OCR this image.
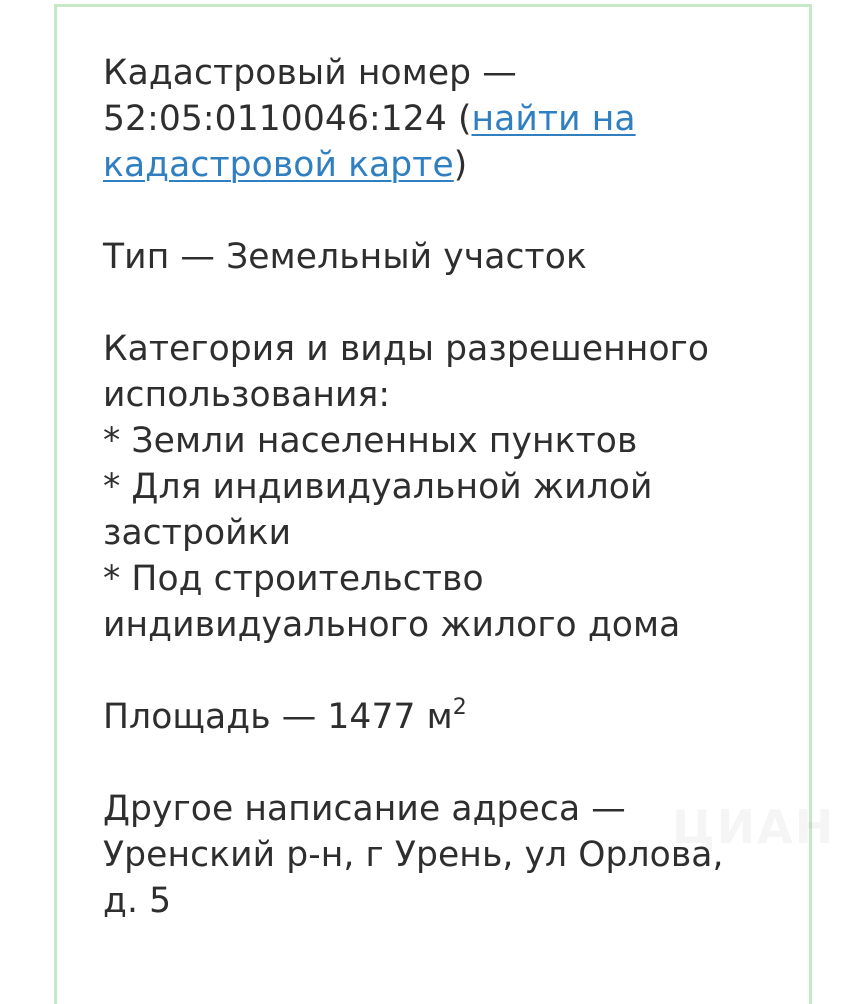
Кадастровый номер —
52:05:0110046:124 (найти на
кадастровой карте)
Тип — Земельный участок
Категория и виды разрешенного
использования:
* Земли населенных пунктов
* Для индивидуальной жилой
застройки
* Под строительство
индивидуального жилого дома
Площадь — 1477 $м^2$
Другое написание адреса —
Уренский р-н, г Урень, ул Орлова,
д. 5
